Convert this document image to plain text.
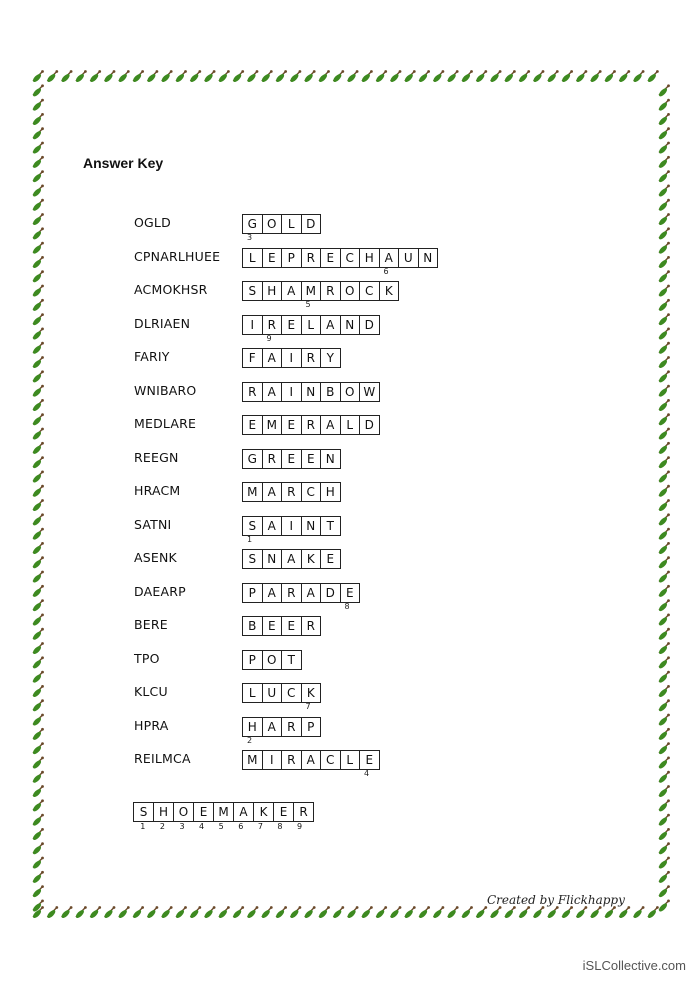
Answer Key
OGLD	G O L D
3
CPNARLHUEE	L	E	P R E C H A U N
6
ACMOKHSR	S H A M R O C K
5
DLRIAEN	I	R E	L	A N D
9
FARIY	F A	I	R Y
WNIBARO	R A	I	N B O W
MEDLARE	E M E R A	L D
REEGN	G R E E N
HRACM	M A R C H
SATNI	S A	I	N T
1
ASENK	S N A K E
DAEARP	P A R A D E
8
BERE	B E E R
TPO	P O T
KLCU	L U C K
7
HPRA	H A R P
2
REILMCA	M	I	R A C L	E
4
S H O E M A K	E	R
1	2	3	4	5	6	7	8	9
Created by Flickhappy
iSLCollective.com
